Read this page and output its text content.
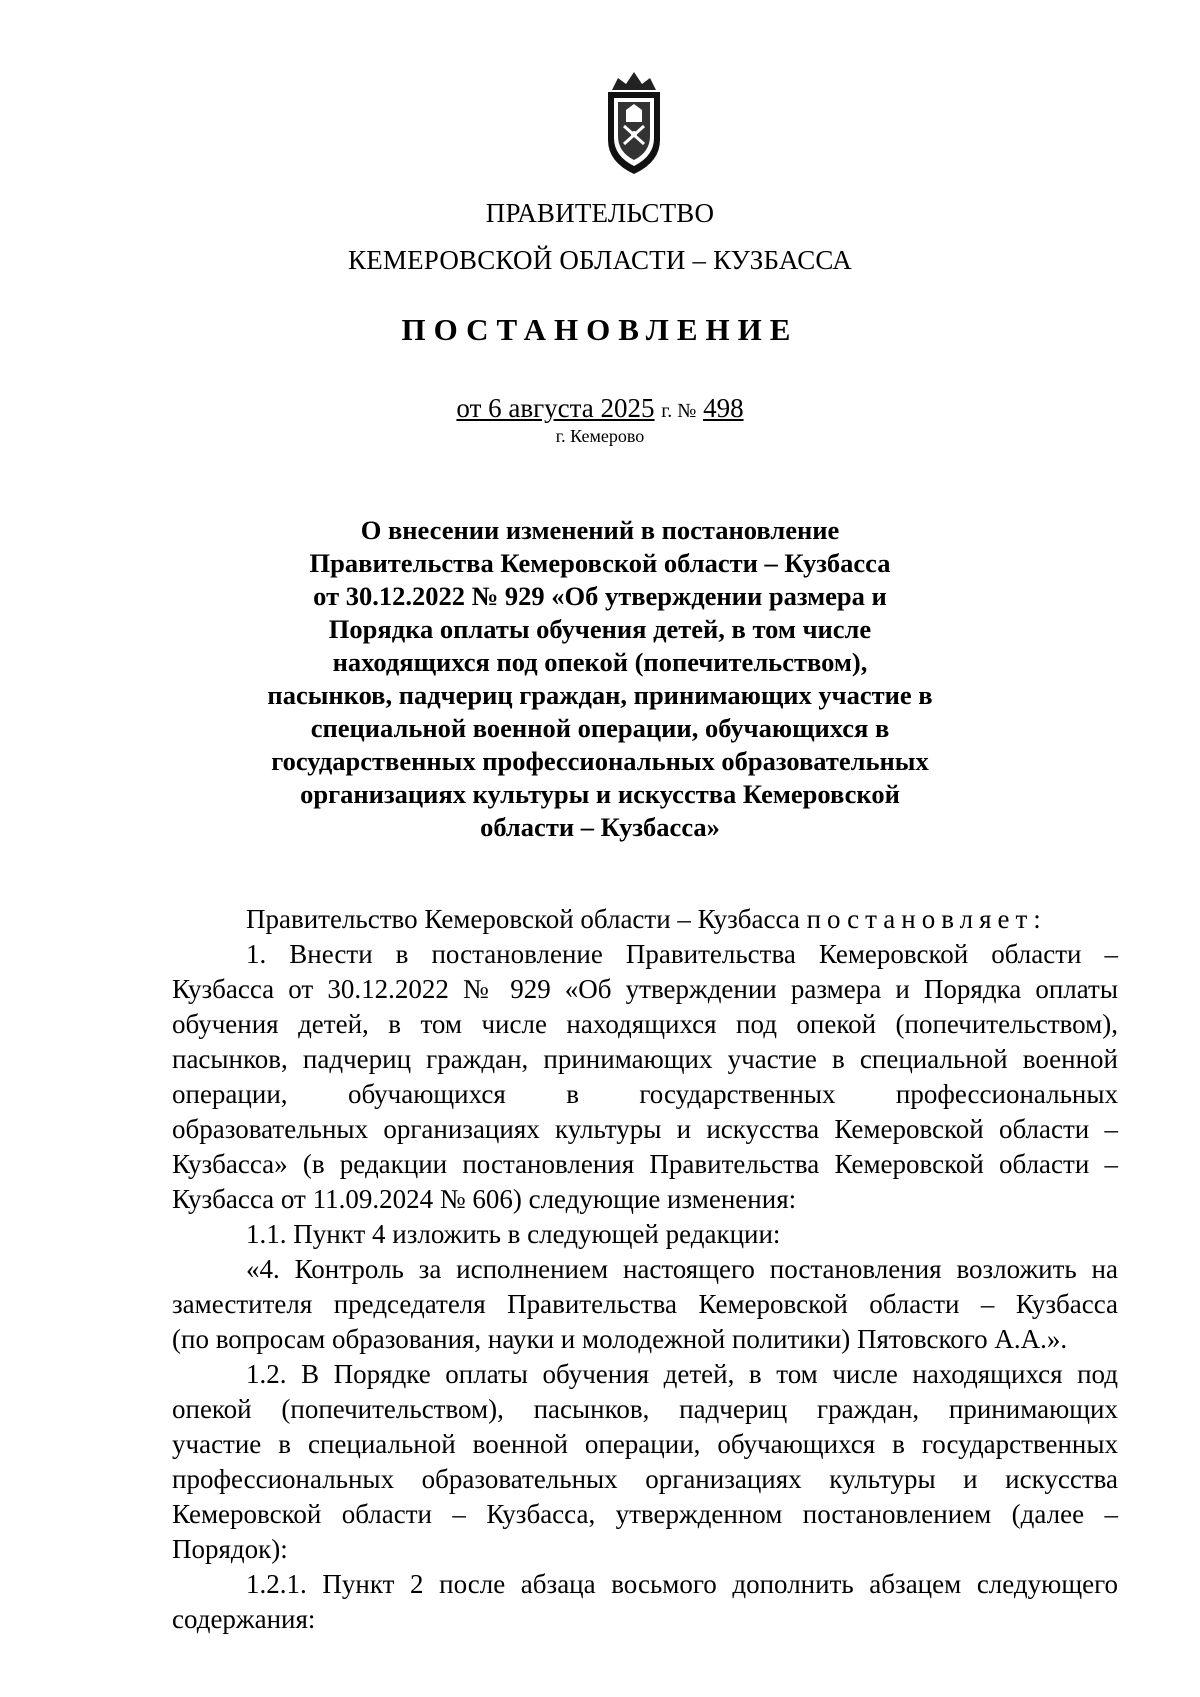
ПРАВИТЕЛЬСТВО
КЕМЕРОВСКОЙ ОБЛАСТИ – КУЗБАССА
ПОСТАНОВЛЕНИЕ
от 6 августа 2025 г. № 498
г. Кемерово
О внесении изменений в постановление
Правительства Кемеровской области – Кузбасса
от 30.12.2022 № 929 «Об утверждении размера и
Порядка оплаты обучения детей, в том числе
находящихся под опекой (попечительством),
пасынков, падчериц граждан, принимающих участие в
специальной военной операции, обучающихся в
государственных профессиональных образовательных
организациях культуры и искусства Кемеровской
области – Кузбасса»
Правительство Кемеровской области – Кузбасса постановляет:
1. Внести в постановление Правительства Кемеровской области –
Кузбасса от 30.12.2022 № 929 «Об утверждении размера и Порядка оплаты
обучения детей, в том числе находящихся под опекой (попечительством),
пасынков, падчериц граждан, принимающих участие в специальной военной
операции, обучающихся в государственных профессиональных
образовательных организациях культуры и искусства Кемеровской области –
Кузбасса» (в редакции постановления Правительства Кемеровской области –
Кузбасса от 11.09.2024 № 606) следующие изменения:
1.1. Пункт 4 изложить в следующей редакции:
«4. Контроль за исполнением настоящего постановления возложить на
заместителя председателя Правительства Кемеровской области – Кузбасса
(по вопросам образования, науки и молодежной политики) Пятовского А.А.».
1.2. В Порядке оплаты обучения детей, в том числе находящихся под
опекой (попечительством), пасынков, падчериц граждан, принимающих
участие в специальной военной операции, обучающихся в государственных
профессиональных образовательных организациях культуры и искусства
Кемеровской области – Кузбасса, утвержденном постановлением (далее –
Порядок):
1.2.1. Пункт 2 после абзаца восьмого дополнить абзацем следующего
содержания:
